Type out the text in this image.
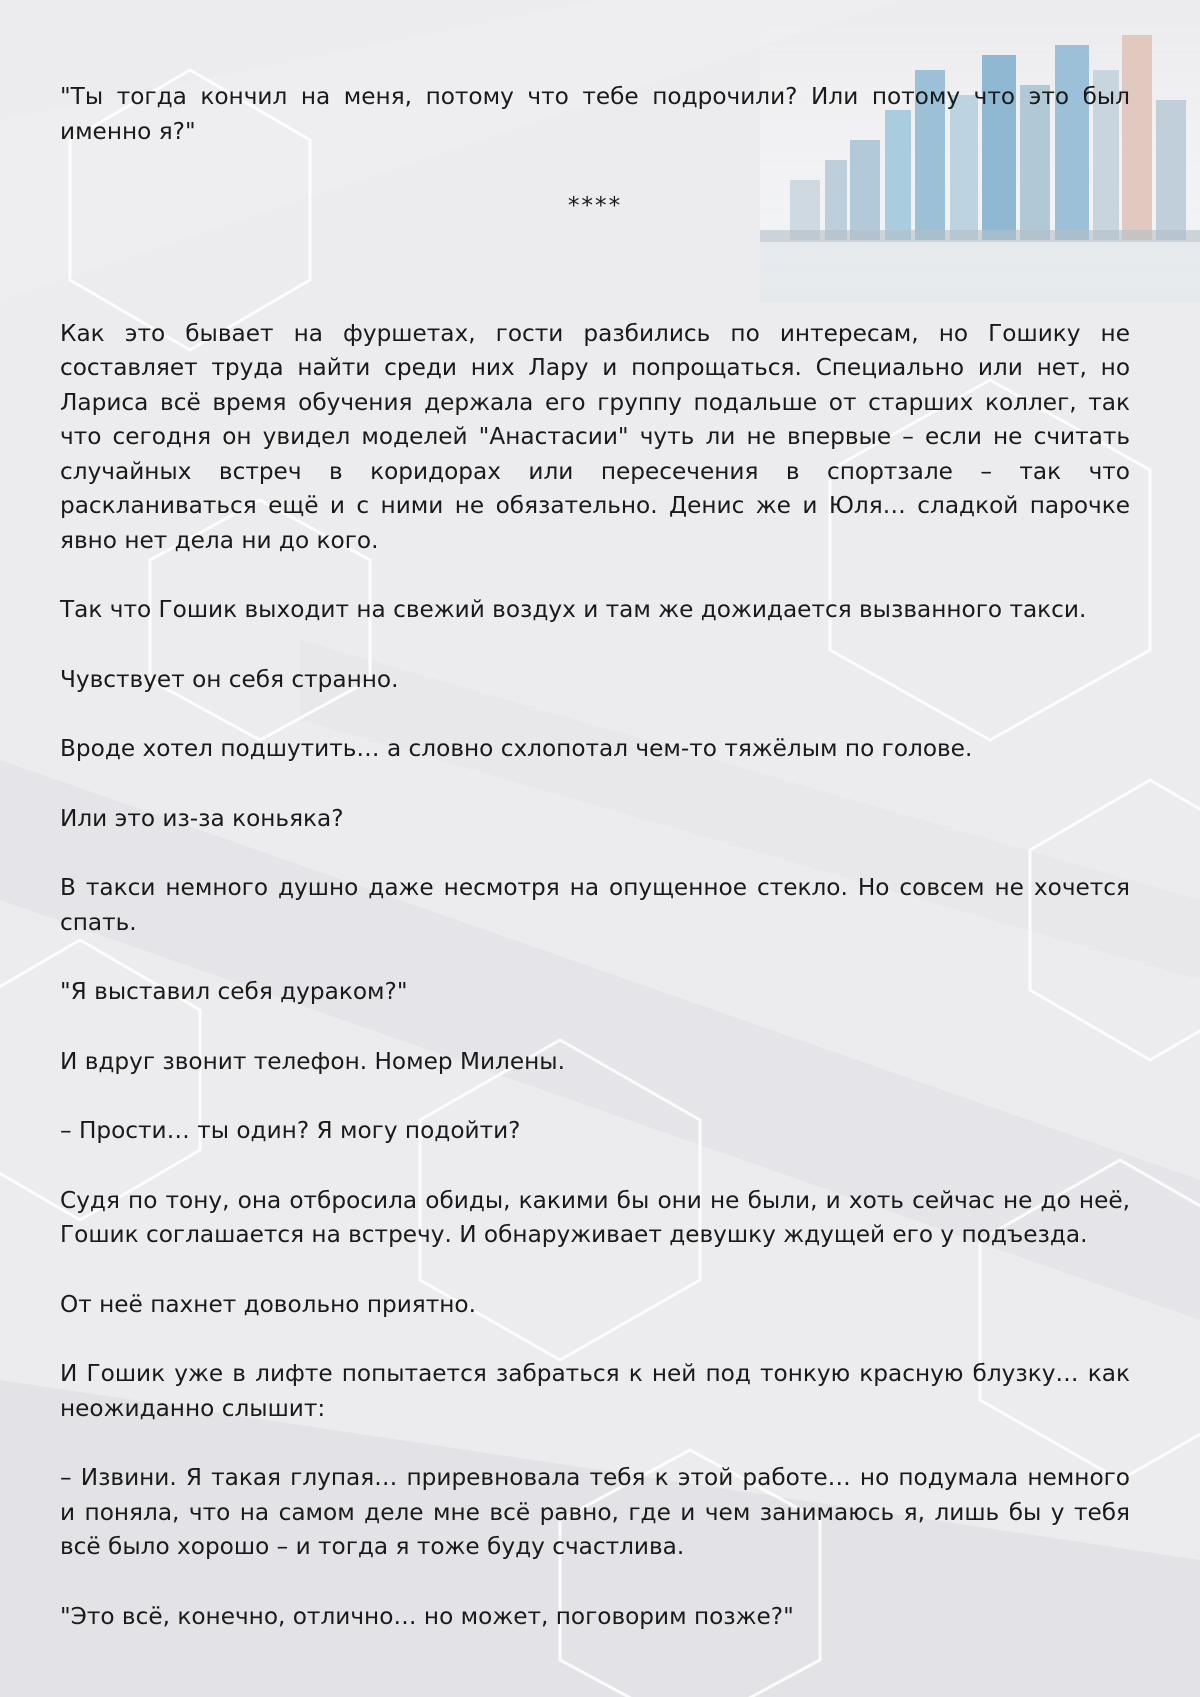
"Ты тогда кончил на меня, потому что тебе подрочили? Или потому что это был именно я?"

****

Как это бывает на фуршетах, гости разбились по интересам, но Гошику не составляет труда найти среди них Лару и попрощаться. Специально или нет, но Лариса всё время обучения держала его группу подальше от старших коллег, так что сегодня он увидел моделей "Анастасии" чуть ли не впервые – если не считать случайных встреч в коридорах или пересечения в спортзале – так что раскланиваться ещё и с ними не обязательно. Денис же и Юля… сладкой парочке явно нет дела ни до кого.

Так что Гошик выходит на свежий воздух и там же дожидается вызванного такси.

Чувствует он себя странно.

Вроде хотел подшутить… а словно схлопотал чем-то тяжёлым по голове.

Или это из-за коньяка?

В такси немного душно даже несмотря на опущенное стекло. Но совсем не хочется спать.

"Я выставил себя дураком?"

И вдруг звонит телефон. Номер Милены.

– Прости… ты один? Я могу подойти?

Судя по тону, она отбросила обиды, какими бы они не были, и хоть сейчас не до неё, Гошик соглашается на встречу. И обнаруживает девушку ждущей его у подъезда.

От неё пахнет довольно приятно.

И Гошик уже в лифте попытается забраться к ней под тонкую красную блузку… как неожиданно слышит:

– Извини. Я такая глупая… приревновала тебя к этой работе… но подумала немного и поняла, что на самом деле мне всё равно, где и чем занимаюсь я, лишь бы у тебя всё было хорошо – и тогда я тоже буду счастлива.

"Это всё, конечно, отлично… но может, поговорим позже?"
